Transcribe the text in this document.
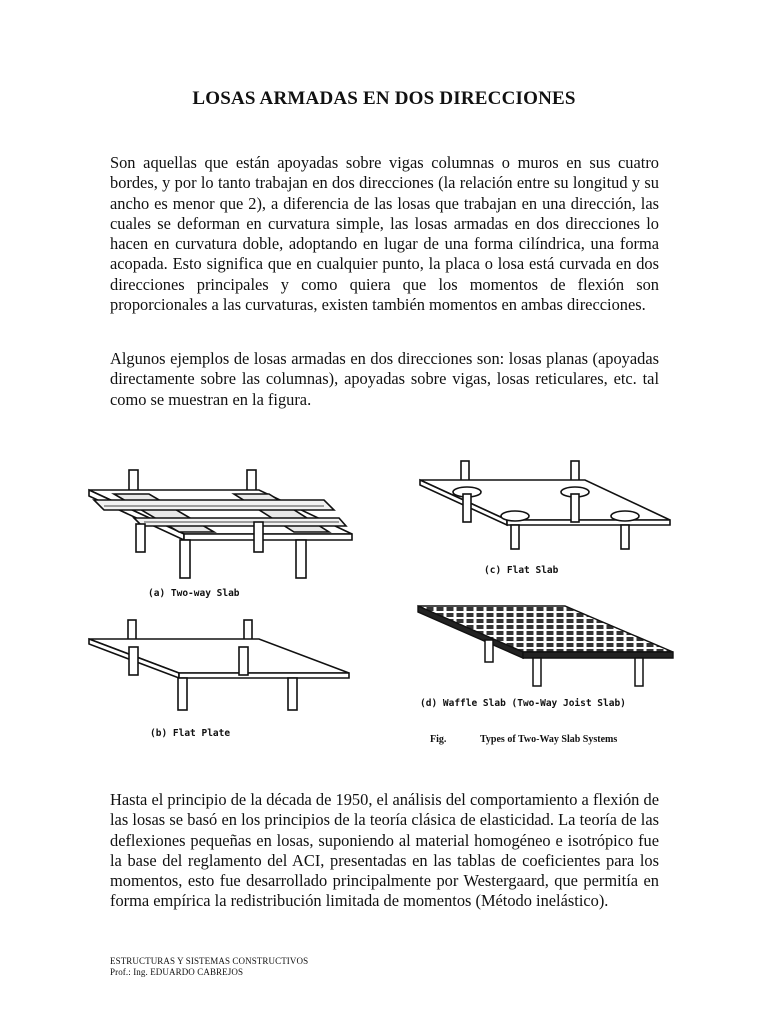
LOSAS ARMADAS EN DOS DIRECCIONES

Son aquellas que están apoyadas sobre vigas columnas o muros en sus cuatro bordes, y por lo tanto trabajan en dos direcciones (la relación entre su longitud y su ancho es menor que 2), a diferencia de las losas que trabajan en una dirección, las cuales se deforman en curvatura simple, las losas armadas en dos direcciones lo hacen en curvatura doble, adoptando en lugar de una forma cilíndrica, una forma acopada. Esto significa que en cualquier punto, la placa o losa está curvada en dos direcciones principales y como quiera que los momentos de flexión son proporcionales a las curvaturas, existen también momentos en ambas direcciones.

Algunos ejemplos de losas armadas en dos direcciones son: losas planas (apoyadas directamente sobre las columnas), apoyadas sobre vigas, losas reticulares, etc. tal como se muestran en la figura.

(a) Two-way Slab
(b) Flat Plate
(c) Flat Slab
(d) Waffle Slab (Two-Way Joist Slab)
Fig.	Types of Two-Way Slab Systems

Hasta el principio de la década de 1950, el análisis del comportamiento a flexión de las losas se basó en los principios de la teoría clásica de elasticidad. La teoría de las deflexiones pequeñas en losas, suponiendo al material homogéneo e isotrópico fue la base del reglamento del ACI, presentadas en las tablas de coeficientes para los momentos, esto fue desarrollado principalmente por Westergaard, que permitía en forma empírica la redistribución limitada de momentos (Método inelástico).

ESTRUCTURAS Y SISTEMAS CONSTRUCTIVOS
Prof.: Ing. EDUARDO CABREJOS
